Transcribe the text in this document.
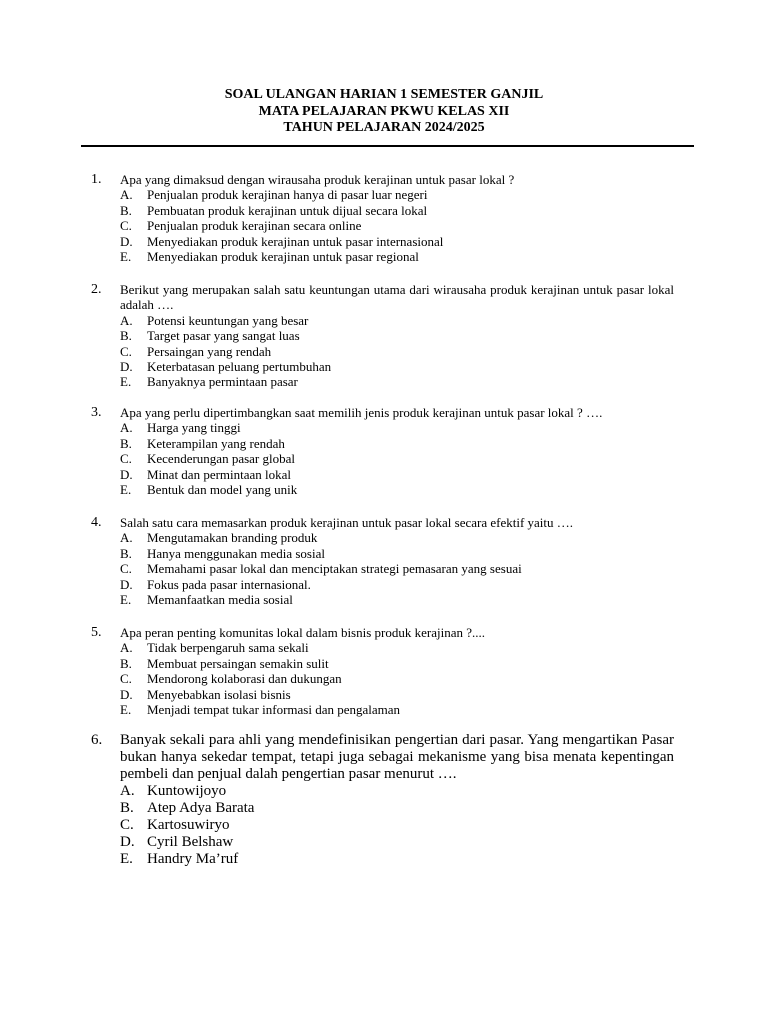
SOAL ULANGAN HARIAN 1 SEMESTER GANJIL
MATA PELAJARAN PKWU KELAS XII
TAHUN PELAJARAN 2024/2025
1.	Apa yang dimaksud dengan wirausaha produk kerajinan untuk pasar lokal ?
A. Penjualan produk kerajinan hanya di pasar luar negeri
B. Pembuatan produk kerajinan untuk dijual secara lokal
C. Penjualan produk kerajinan secara online
D. Menyediakan produk kerajinan untuk pasar internasional
E. Menyediakan produk kerajinan untuk pasar regional
2.	Berikut yang merupakan salah satu keuntungan utama dari wirausaha produk kerajinan untuk pasar lokal adalah ….
A. Potensi keuntungan yang besar
B. Target pasar yang sangat luas
C. Persaingan yang rendah
D. Keterbatasan peluang pertumbuhan
E. Banyaknya permintaan pasar
3.	Apa yang perlu dipertimbangkan saat memilih jenis produk kerajinan untuk pasar lokal ? ….
A. Harga yang tinggi
B. Keterampilan yang rendah
C. Kecenderungan pasar global
D. Minat dan permintaan lokal
E. Bentuk dan model yang unik
4.	Salah satu cara memasarkan produk kerajinan untuk pasar lokal secara efektif yaitu ….
A. Mengutamakan branding produk
B. Hanya menggunakan media sosial
C. Memahami pasar lokal dan menciptakan strategi pemasaran yang sesuai
D. Fokus pada pasar internasional.
E. Memanfaatkan media sosial
5.	Apa peran penting komunitas lokal dalam bisnis produk kerajinan ?....
A. Tidak berpengaruh sama sekali
B. Membuat persaingan semakin sulit
C. Mendorong kolaborasi dan dukungan
D. Menyebabkan isolasi bisnis
E. Menjadi tempat tukar informasi dan pengalaman
6.	Banyak sekali para ahli yang mendefinisikan pengertian dari pasar. Yang mengartikan Pasar bukan hanya sekedar tempat, tetapi juga sebagai mekanisme yang bisa menata kepentingan pembeli dan penjual dalah pengertian pasar menurut ….
A. Kuntowijoyo
B. Atep Adya Barata
C. Kartosuwiryo
D. Cyril Belshaw
E. Handry Ma’ruf
